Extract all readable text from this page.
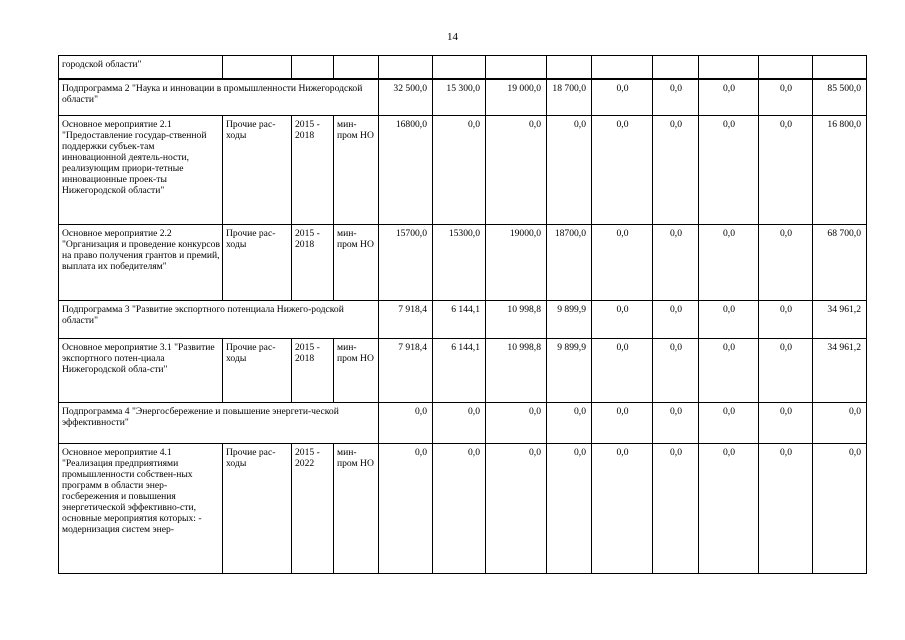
14
городской области"												
Подпрограмма 2 "Наука и инновации в промышленности Нижегородской области"				32 500,0	15 300,0	19 000,0	18 700,0	0,0	0,0	0,0	0,0	85 500,0
Основное мероприятие 2.1 "Предоставление государ-ственной поддержки субъек-там инновационной деятель-ности, реализующим приори-тетные инновационные проек-ты Нижегородской области"	Прочие рас-ходы	2015 - 2018	мин-пром НО	16800,0	0,0	0,0	0,0	0,0	0,0	0,0	0,0	16 800,0
Основное мероприятие 2.2 "Организация и проведение конкурсов на право получения грантов и премий, выплата их победителям"	Прочие рас-ходы	2015 - 2018	мин-пром НО	15700,0	15300,0	19000,0	18700,0	0,0	0,0	0,0	0,0	68 700,0
Подпрограмма 3 "Развитие экспортного потенциала Нижего-родской области"				7 918,4	6 144,1	10 998,8	9 899,9	0,0	0,0	0,0	0,0	34 961,2
Основное мероприятие 3.1 "Развитие экспортного потен-циала Нижегородской обла-сти"	Прочие рас-ходы	2015 - 2018	мин-пром НО	7 918,4	6 144,1	10 998,8	9 899,9	0,0	0,0	0,0	0,0	34 961,2
Подпрограмма 4 "Энергосбережение и повышение энергети-ческой эффективности"				0,0	0,0	0,0	0,0	0,0	0,0	0,0	0,0	0,0
Основное мероприятие 4.1 "Реализация предприятиями промышленности собствен-ных программ в области энер-госбережения и повышения энергетической эффективно-сти, основные мероприятия которых: - модернизация систем энер-	Прочие рас-ходы	2015 - 2022	мин-пром НО	0,0	0,0	0,0	0,0	0,0	0,0	0,0	0,0	0,0
